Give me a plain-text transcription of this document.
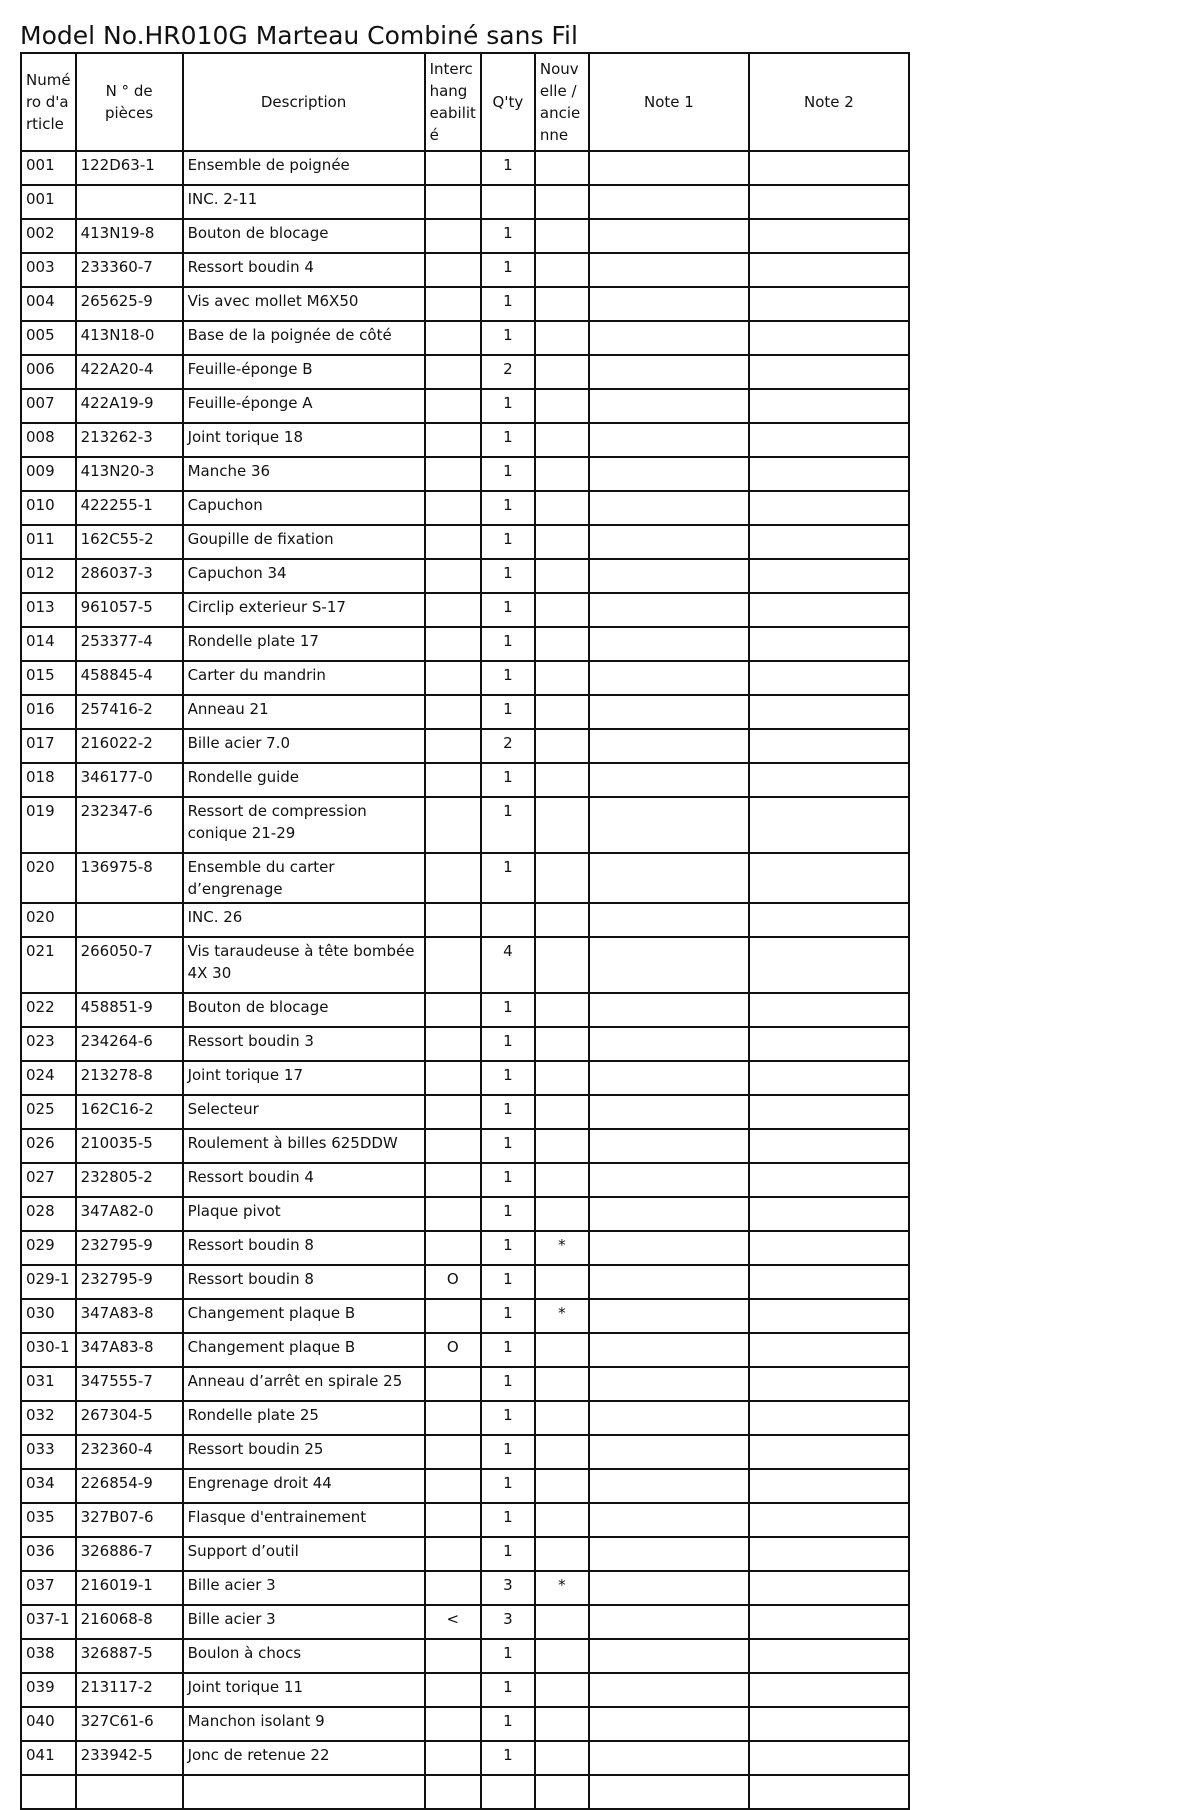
Model No.HR010G Marteau Combiné sans Fil
Numé
ro d'a
rticle	N ° de pièces	Description	Interc
hang
eabilit
é	Q'ty	Nouv
elle /
ancie
nne	Note 1	Note 2
001	122D63-1	Ensemble de poignée		1			
001		INC. 2-11					
002	413N19-8	Bouton de blocage		1			
003	233360-7	Ressort boudin 4		1			
004	265625-9	Vis avec mollet M6X50		1			
005	413N18-0	Base de la poignée de côté		1			
006	422A20-4	Feuille-éponge B		2			
007	422A19-9	Feuille-éponge A		1			
008	213262-3	Joint torique 18		1			
009	413N20-3	Manche 36		1			
010	422255-1	Capuchon		1			
011	162C55-2	Goupille de fixation		1			
012	286037-3	Capuchon 34		1			
013	961057-5	Circlip exterieur S-17		1			
014	253377-4	Rondelle plate 17		1			
015	458845-4	Carter du mandrin		1			
016	257416-2	Anneau 21		1			
017	216022-2	Bille acier 7.0		2			
018	346177-0	Rondelle guide		1			
019	232347-6	Ressort de compression conique 21-29		1			
020	136975-8	Ensemble du carter d’engrenage		1			
020		INC. 26					
021	266050-7	Vis taraudeuse à tête bombée 4X 30		4			
022	458851-9	Bouton de blocage		1			
023	234264-6	Ressort boudin 3		1			
024	213278-8	Joint torique 17		1			
025	162C16-2	Selecteur		1			
026	210035-5	Roulement à billes 625DDW		1			
027	232805-2	Ressort boudin 4		1			
028	347A82-0	Plaque pivot		1			
029	232795-9	Ressort boudin 8		1	*		
029-1	232795-9	Ressort boudin 8	O	1			
030	347A83-8	Changement plaque B		1	*		
030-1	347A83-8	Changement plaque B	O	1			
031	347555-7	Anneau d’arrêt en spirale 25		1			
032	267304-5	Rondelle plate 25		1			
033	232360-4	Ressort boudin 25		1			
034	226854-9	Engrenage droit 44		1			
035	327B07-6	Flasque d'entrainement		1			
036	326886-7	Support d’outil		1			
037	216019-1	Bille acier 3		3	*		
037-1	216068-8	Bille acier 3	<	3			
038	326887-5	Boulon à chocs		1			
039	213117-2	Joint torique 11		1			
040	327C61-6	Manchon isolant 9		1			
041	233942-5	Jonc de retenue 22		1			
